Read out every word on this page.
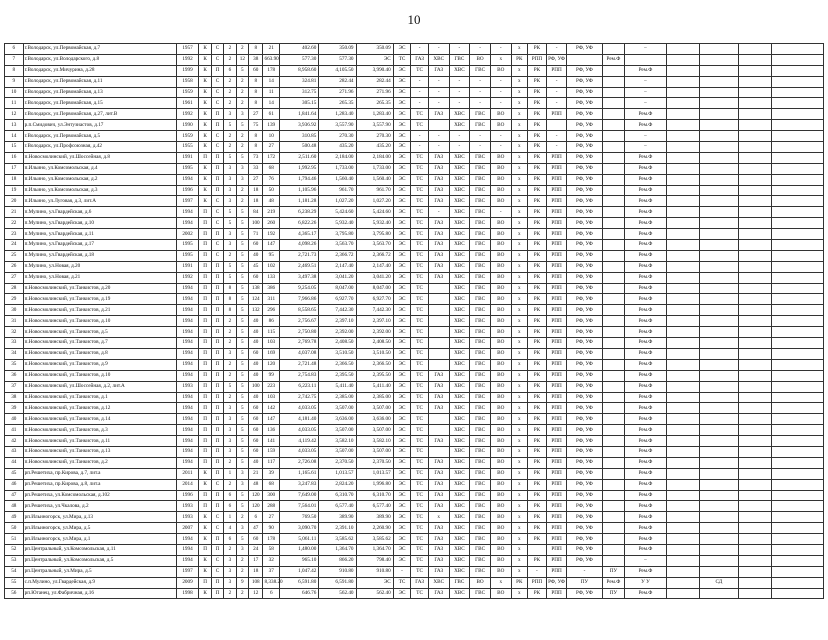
10
6	г.Володарск, ул.Первомайская, д.7	1957	К	С	2	2	8	21	402.60	350.09	350.09	ЭС	-	-	-	-	-	х	РК	-	РФ, УФ		–				
7	г.Володарск, ул.Володарского, д.8	1992	К	С	2	12	38	663.90	577.30	577.30	ЭС	ТС	ГАЗ	ХВС	ГВС	ВО	х	РК	РПП	РФ, УФ		Рем.Ф					
8	г.Володарск, ул.Мичурина, д.28	1999	К	П	6	5	60	178	8,958.60	4,105.50	3,990.40	ЭС	ТС	ГАЗ	ХВС	ГВС	ВО	х	РК	РПП	РФ, УФ		Рем.Ф				
9	г.Володарск, ул.Первомайская, д.11	1958	К	С	2	2	8	14	324.81	282.44	282.44	ЭС	-	-	-	-	-	х	РК	-	РФ, УФ		–				
10	г.Володарск, ул.Первомайская, д.13	1959	К	С	2	2	8	11	312.75	271.96	271.96	ЭС	-	-	-	-	-	х	РК	-	РФ, УФ		–				
11	г.Володарск, ул.Первомайская, д.15	1961	К	С	2	2	8	14	305.15	265.35	265.35	ЭС	-	-	-	-	-	х	РК	-	РФ, УФ		–				
12	г.Володарск, ул.Первомайская, д.27, лит.В	1992	К	П	3	3	27	61	1,841.64	1,283.40	1,283.40	ЭС	ТС	ГАЗ	ХВС	ГВС	ВО	х	РК	РПП	РФ, УФ		Рем.Ф				
13	р.п.Смидович, ул.Энтузиастов, д.17	1990	К	П	5	5	75	139	3,936.92	3,557.90	3,557.90	ЭС	ТС		ХВС	ГВС	ВО	х	РК		РФ, УФ		Рем.Ф				
14	г.Володарск, ул.Первомайская, д.5	1959	К	С	2	2	8	10	310.85	270.30	270.30	ЭС	-	-	-	-	-	х	РК	-	РФ, УФ		–				
15	г.Володарск, ул.Профсоюзная, д.42	1955	К	С	2	2	8	27	500.48	435.20	435.20	ЭС	-	-	-	-	-	х	РК	-	РФ, УФ		–				
16	п.Новосмолинский, ул.Шоссейная, д.8	1991	П	П	5	5	73	172	2,511.60	2,184.00	2,184.00	ЭС	ТС	ГАЗ	ХВС	ГВС	ВО	х	РК	РПП	РФ, УФ		Рем.Ф				
17	п.Ильино, ул.Комсомольская, д.4	1995	К	П	3	3	33	68	1,992.95	1,733.00	1,733.00	ЭС	ТС	ГАЗ	ХВС	ГВС	ВО	х	РК	РПП	РФ, УФ		Рем.Ф				
18	п.Ильино, ул.Комсомольская, д.2	1994	К	П	3	3	27	76	1,794.46	1,560.40	1,560.40	ЭС	ТС	ГАЗ	ХВС	ГВС	ВО	х	РК	РПП	РФ, УФ		Рем.Ф				
19	п.Ильино, ул.Комсомольская, д.3	1996	К	П	3	2	18	50	1,105.96	961.70	961.70	ЭС	ТС	ГАЗ	ХВС	ГВС	ВО	х	РК	РПП	РФ, УФ		Рем.Ф				
20	п.Ильино, ул.Луговая, д.3, лит.А	1997	К	С	3	2	18	48	1,181.28	1,027.20	1,027.20	ЭС	ТС	ГАЗ	ХВС	ГВС	ВО	х	РК	РПП	РФ, УФ		Рем.Ф				
21	п.Мулино, ул.Гвардейская, д.6	1994	П	С	5	5	84	219	6,238.29	5,424.60	5,424.60	ЭС	ТС	-	ХВС	ГВС	-	х	РК	РПП	РФ, УФ		Рем.Ф				
22	п.Мулино, ул.Гвардейская, д.10	1994	П	С	5	5	100	260	6,822.26	5,932.40	5,932.40	ЭС	ТС	ГАЗ	ХВС	ГВС	ВО	х	РК	РПП	РФ, УФ		Рем.Ф				
23	п.Мулино, ул.Гвардейская, д.11	2002	П	П	3	5	71	192	4,365.17	3,795.80	3,795.80	ЭС	ТС	ГАЗ	ХВС	ГВС	ВО	х	РК	РПП	РФ, УФ		Рем.Ф				
24	п.Мулино, ул.Гвардейская, д.17	1995	П	С	3	5	60	147	4,098.26	3,563.70	3,563.70	ЭС	ТС	ГАЗ	ХВС	ГВС	ВО	х	РК	РПП	РФ, УФ		Рем.Ф				
25	п.Мулино, ул.Гвардейская, д.18	1995	П	С	2	5	40	95	2,721.73	2,366.72	2,366.72	ЭС	ТС	ГАЗ	ХВС	ГВС	ВО	х	РК	РПП	РФ, УФ		Рем.Ф				
26	п.Мулино, ул.Новая, д.20	1991	П	П	5	5	45	102	2,469.51	2,147.40	2,147.40	ЭС	ТС	ГАЗ	ХВС	ГВС	ВО	х	РК	РПП	РФ, УФ		Рем.Ф				
27	п.Мулино, ул.Новая, д.21	1992	П	П	5	5	60	133	3,497.38	3,041.20	3,041.20	ЭС	ТС	ГАЗ	ХВС	ГВС	ВО	х	РК	РПП	РФ, УФ		Рем.Ф				
28	п.Новосмолинский, ул.Танкистов, д.20	1994	П	П	8	5	138	386	9,254.05	8,047.00	8,047.00	ЭС	ТС		ХВС	ГВС	ВО	х	РК	РПП	РФ, УФ		Рем.Ф				
29	п.Новосмолинский, ул.Танкистов, д.19	1994	П	П	8	5	124	311	7,966.86	6,927.70	6,927.70	ЭС	ТС		ХВС	ГВС	ВО	х	РК	РПП	РФ, УФ		Рем.Ф				
30	п.Новосмолинский, ул.Танкистов, д.21	1994	П	П	8	5	132	296	8,558.65	7,442.30	7,442.30	ЭС	ТС		ХВС	ГВС	ВО	х	РК	РПП	РФ, УФ		Рем.Ф				
31	п.Новосмолинский, ул.Танкистов, д.10	1994	П	П	2	5	40	86	2,756.67	2,397.10	2,397.10	ЭС	ТС		ХВС	ГВС	ВО	х	РК	РПП	РФ, УФ		Рем.Ф				
32	п.Новосмолинский, ул.Танкистов, д.5	1994	П	П	2	5	40	115	2,750.80	2,392.00	2,392.00	ЭС	ТС		ХВС	ГВС	ВО	х	РК	РПП	РФ, УФ		Рем.Ф				
33	п.Новосмолинский, ул.Танкистов, д.7	1994	П	П	2	5	40	103	2,769.78	2,408.50	2,408.50	ЭС	ТС		ХВС	ГВС	ВО	х	РК	РПП	РФ, УФ		Рем.Ф				
34	п.Новосмолинский, ул.Танкистов, д.8	1994	П	П	3	5	60	169	4,037.08	3,510.50	3,510.50	ЭС	ТС		ХВС	ГВС	ВО	х	РК	РПП	РФ, УФ		Рем.Ф				
35	п.Новосмолинский, ул.Танкистов, д.9	1994	П	П	2	5	40	120	2,721.48	2,366.50	2,366.50	ЭС	ТС		ХВС	ГВС	ВО	х	РК	РПП	РФ, УФ		Рем.Ф				
36	п.Новосмолинский, ул.Танкистов, д.10	1994	П	П	2	5	40	99	2,754.83	2,395.50	2,395.50	ЭС	ТС	ГАЗ	ХВС	ГВС	ВО	х	РК	РПП	РФ, УФ		Рем.Ф				
37	п.Новосмолинский, ул.Шоссейная, д.2, лит.А	1993	П	П	5	5	100	223	6,223.11	5,411.40	5,411.40	ЭС	ТС	ГАЗ	ХВС	ГВС	ВО	х	РК	РПП	РФ, УФ		Рем.Ф				
38	п.Новосмолинский, ул.Танкистов, д.1	1994	П	П	2	5	40	103	2,742.75	2,385.00	2,385.00	ЭС	ТС	ГАЗ	ХВС	ГВС	ВО	х	РК	РПП	РФ, УФ		Рем.Ф				
39	п.Новосмолинский, ул.Танкистов, д.12	1994	П	П	3	5	60	142	4,033.05	3,507.00	3,507.00	ЭС	ТС	ГАЗ	ХВС	ГВС	ВО	х	РК	РПП	РФ, УФ		Рем.Ф				
40	п.Новосмолинский, ул.Танкистов, д.14	1994	П	П	3	5	60	147	4,181.40	3,636.00	3,636.00	ЭС	ТС		ХВС	ГВС	ВО	х	РК	РПП	РФ, УФ		Рем.Ф				
41	п.Новосмолинский, ул.Танкистов, д.3	1994	П	П	3	5	60	136	4,033.05	3,507.00	3,507.00	ЭС	ТС		ХВС	ГВС	ВО	х	РК	РПП	РФ, УФ		Рем.Ф				
42	п.Новосмолинский, ул.Танкистов, д.11	1994	П	П	3	5	60	141	4,119.42	3,582.10	3,582.10	ЭС	ТС	ГАЗ	ХВС	ГВС	ВО	х	РК	РПП	РФ, УФ		Рем.Ф				
43	п.Новосмолинский, ул.Танкистов, д.13	1994	П	П	3	5	60	159	4,033.05	3,507.00	3,507.00	ЭС	ТС		ХВС	ГВС	ВО	х	РК	РПП	РФ, УФ		Рем.Ф				
44	п.Новосмолинский, ул.Танкистов, д.2	1994	П	П	2	5	40	117	2,726.08	2,370.50	2,370.50	ЭС	ТС	ГАЗ	ХВС	ГВС	ВО	х	РК	РПП	РФ, УФ		Рем.Ф				
45	рп.Решетиха, пр.Кирова, д.7, лит.а	2011	К	П	1	3	21	39	1,165.61	1,013.57	1,013.57	ЭС	ТС	ГАЗ	ХВС	ГВС	ВО	х	РК	РПП	РФ, УФ		Рем.Ф				
46	рп.Решетиха, пр.Кирова, д.8, лит.а	2014	К	С	2	3	48	68	3,247.83	2,824.20	1,996.80	ЭС	ТС	ГАЗ	ХВС	ГВС	ВО	х	РК	РПП	РФ, УФ		Рем.Ф				
47	рп.Решетиха, ул.Комсомольская, д.102	1996	П	П	6	5	120	300	7,649.00	6,310.70	6,310.70	ЭС	ТС	ГАЗ	ХВС	ГВС	ВО	х	РК	РПП	РФ, УФ		Рем.Ф				
48	рп.Решетиха, ул.Чкалова, д.2	1993	П	П	6	5	120	288	7,564.01	6,577.40	6,577.40	ЭС	ТС	ГАЗ	ХВС	ГВС	ВО	х	РК	РПП	РФ, УФ		Рем.Ф				
49	рп.Ильиногорск, ул.Мира, д.13	1993	К	С	1	2	6	27	769.50	389.90	389.90	ЭС	ТС	х	ХВС	ГВС	ВО	х	РК	РПП	РФ, УФ		Рем.Ф				
50	рп.Ильиногорск, ул.Мира, д.5	2007	К	С	4	3	47	90	3,090.70	2,391.10	2,260.90	ЭС	ТС	ГАЗ	ХВС	ГВС	ВО	х	РК	РПП	РФ, УФ		Рем.Ф				
51	рп.Ильиногорск, ул.Мира, д.1	1994	К	П	6	5	60	178	5,061.11	3,585.62	3,585.62	ЭС	ТС	ГАЗ	ХВС	ГВС	ВО	х	РК	РПП	РФ, УФ		Рем.Ф				
52	рп.Центральный, ул.Комсомольская, д.11	1994	П	П	2	3	24	58	1,480.00	1,364.70	1,364.70	ЭС	ТС	ГАЗ	ХВС	ГВС	ВО	х		РПП	РФ, УФ		Рем.Ф				
53	рп.Центральный, ул.Комсомольская, д.5	1994	К	С	3	2	17	32	965.10	866.20	798.40	ЭС	ТС	ГАЗ	ХВС	ГВС	ВО	х	РК	РПП	РФ, УФ		–				
54	рп.Центральный, ул.Мира, д.5	1997	К	С	3	2	18	37	1,047.42	910.80	910.80	-	ТС	ГАЗ	ХВС	ГВС	ВО	х	-	РПП	-	ПУ	Рем.Ф				
55	с.п.Мулино, ул.Гвардейская, д.9	2009	П	П	3	9	108	8,338.20	6,591.80	6,591.80	ЭС	ТС	ГАЗ	ХВС	ГВС	ВО	х	РК	РПП	РФ, УФ	ПУ	Рем.Ф	У У		СД		
56	рп.Юганец, ул.Фабричная, д.16	1998	К	П	2	2	12	6	646.76	562.40	562.40	ЭС	ТС	ГАЗ	ХВС	ГВС	ВО	х	РК	РПП	РФ, УФ	ПУ	Рем.Ф				
